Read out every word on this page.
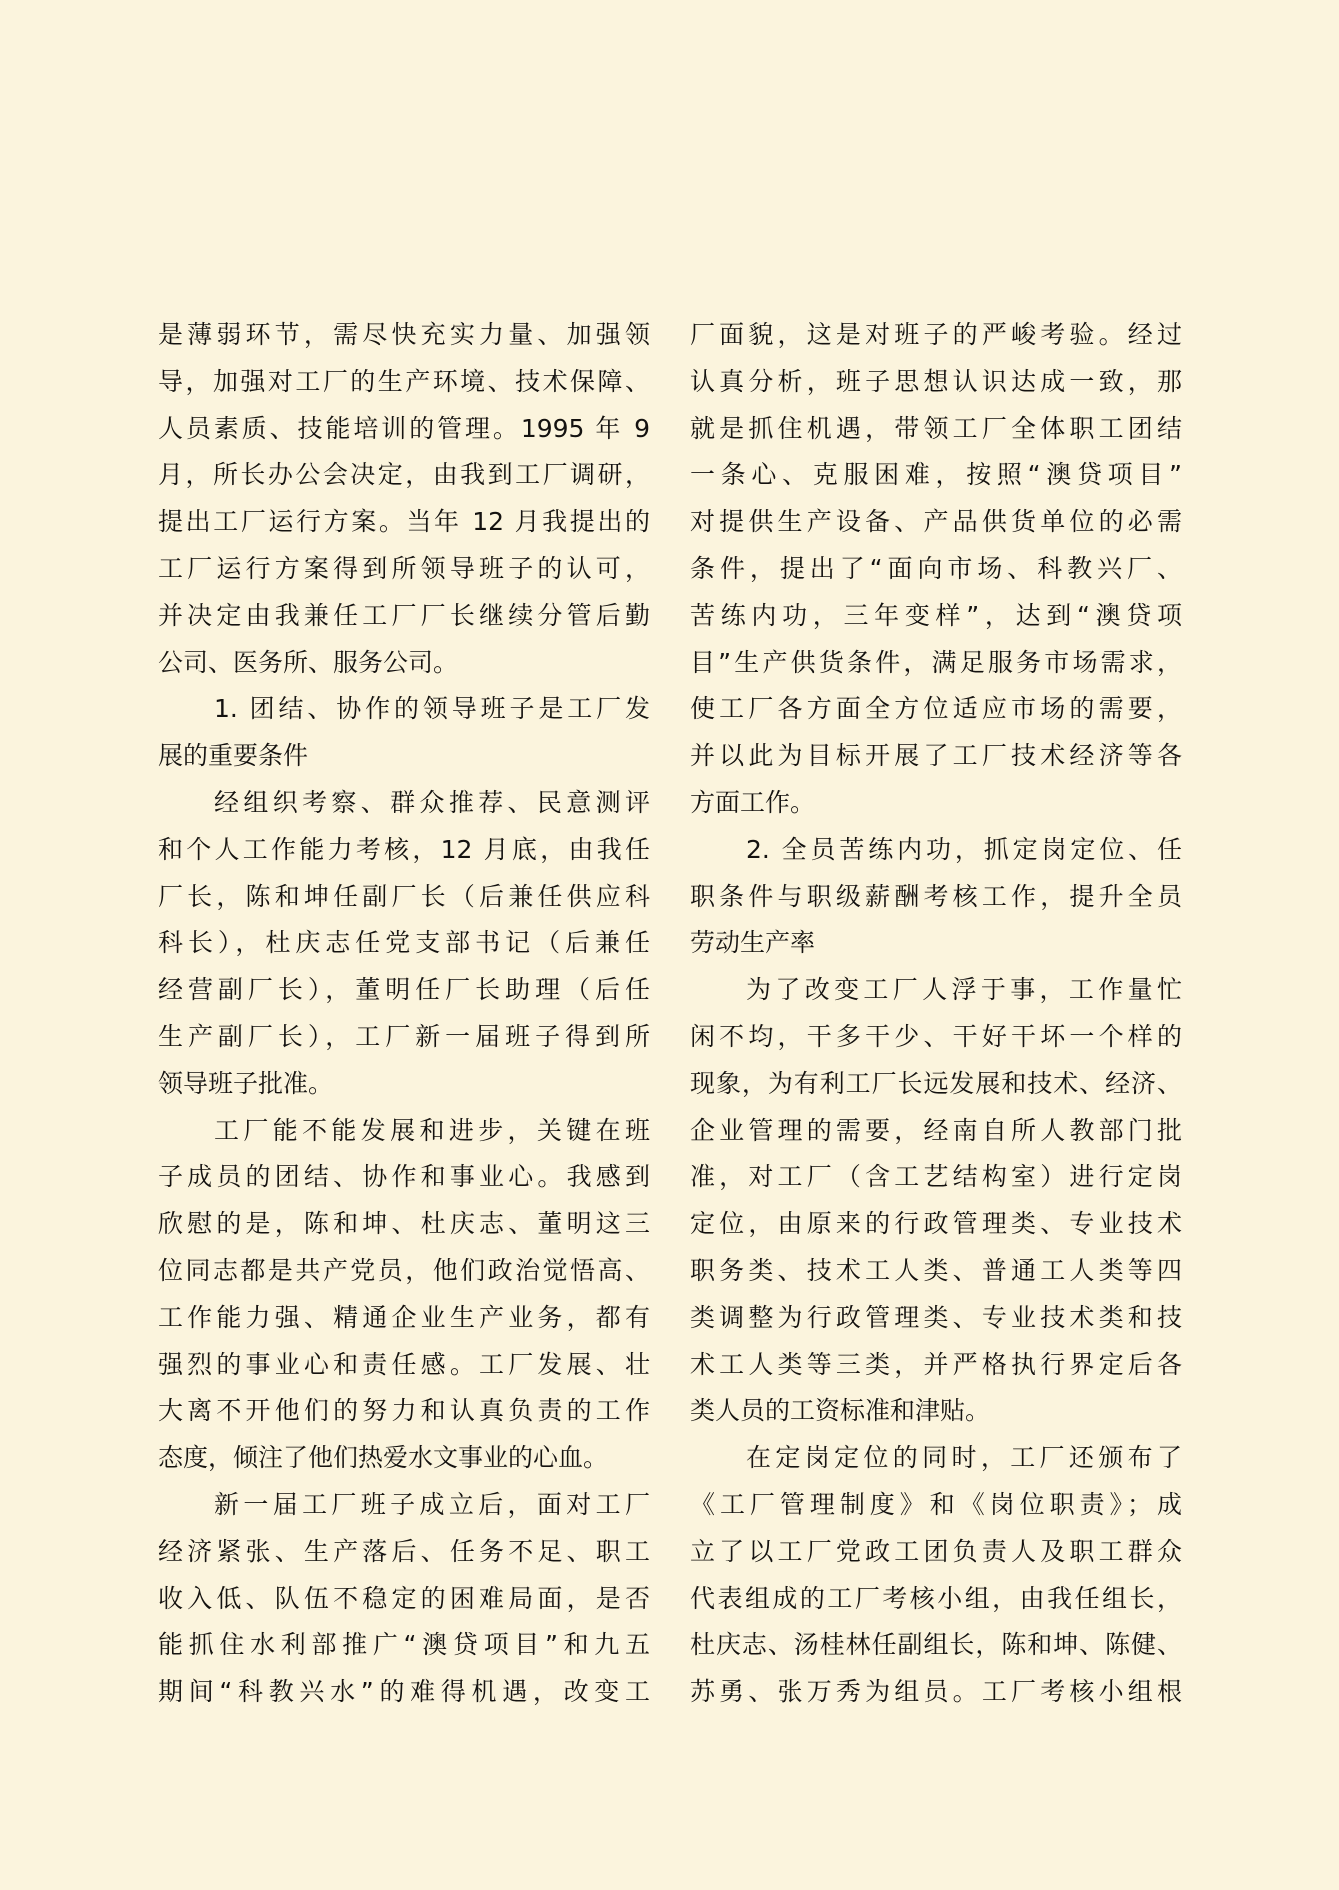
是薄弱环节，需尽快充实力量、加强领
导，加强对工厂的生产环境、技术保障、
人员素质、技能培训的管理。1995 年 9
月，所长办公会决定，由我到工厂调研，
提出工厂运行方案。当年 12 月我提出的
工厂运行方案得到所领导班子的认可，
并决定由我兼任工厂厂长继续分管后勤
公司、医务所、服务公司。
1. 团结、协作的领导班子是工厂发
展的重要条件
经组织考察、群众推荐、民意测评
和个人工作能力考核，12 月底，由我任
厂长，陈和坤任副厂长（后兼任供应科
科长），杜庆志任党支部书记（后兼任
经营副厂长），董明任厂长助理（后任
生产副厂长），工厂新一届班子得到所
领导班子批准。
工厂能不能发展和进步，关键在班
子成员的团结、协作和事业心。我感到
欣慰的是，陈和坤、杜庆志、董明这三
位同志都是共产党员，他们政治觉悟高、
工作能力强、精通企业生产业务，都有
强烈的事业心和责任感。工厂发展、壮
大离不开他们的努力和认真负责的工作
态度，倾注了他们热爱水文事业的心血。
新一届工厂班子成立后，面对工厂
经济紧张、生产落后、任务不足、职工
收入低、队伍不稳定的困难局面，是否
能抓住水利部推广“澳贷项目”和九五
期间“科教兴水”的难得机遇，改变工
厂面貌，这是对班子的严峻考验。经过
认真分析，班子思想认识达成一致，那
就是抓住机遇，带领工厂全体职工团结
一条心、克服困难，按照“澳贷项目”
对提供生产设备、产品供货单位的必需
条件，提出了“面向市场、科教兴厂、
苦练内功，三年变样”，达到“澳贷项
目”生产供货条件，满足服务市场需求，
使工厂各方面全方位适应市场的需要，
并以此为目标开展了工厂技术经济等各
方面工作。
2. 全员苦练内功，抓定岗定位、任
职条件与职级薪酬考核工作，提升全员
劳动生产率
为了改变工厂人浮于事，工作量忙
闲不均，干多干少、干好干坏一个样的
现象，为有利工厂长远发展和技术、经济、
企业管理的需要，经南自所人教部门批
准，对工厂（含工艺结构室）进行定岗
定位，由原来的行政管理类、专业技术
职务类、技术工人类、普通工人类等四
类调整为行政管理类、专业技术类和技
术工人类等三类，并严格执行界定后各
类人员的工资标准和津贴。
在定岗定位的同时，工厂还颁布了
《工厂管理制度》和《岗位职责》；成
立了以工厂党政工团负责人及职工群众
代表组成的工厂考核小组，由我任组长，
杜庆志、汤桂林任副组长，陈和坤、陈健、
苏勇、张万秀为组员。工厂考核小组根
